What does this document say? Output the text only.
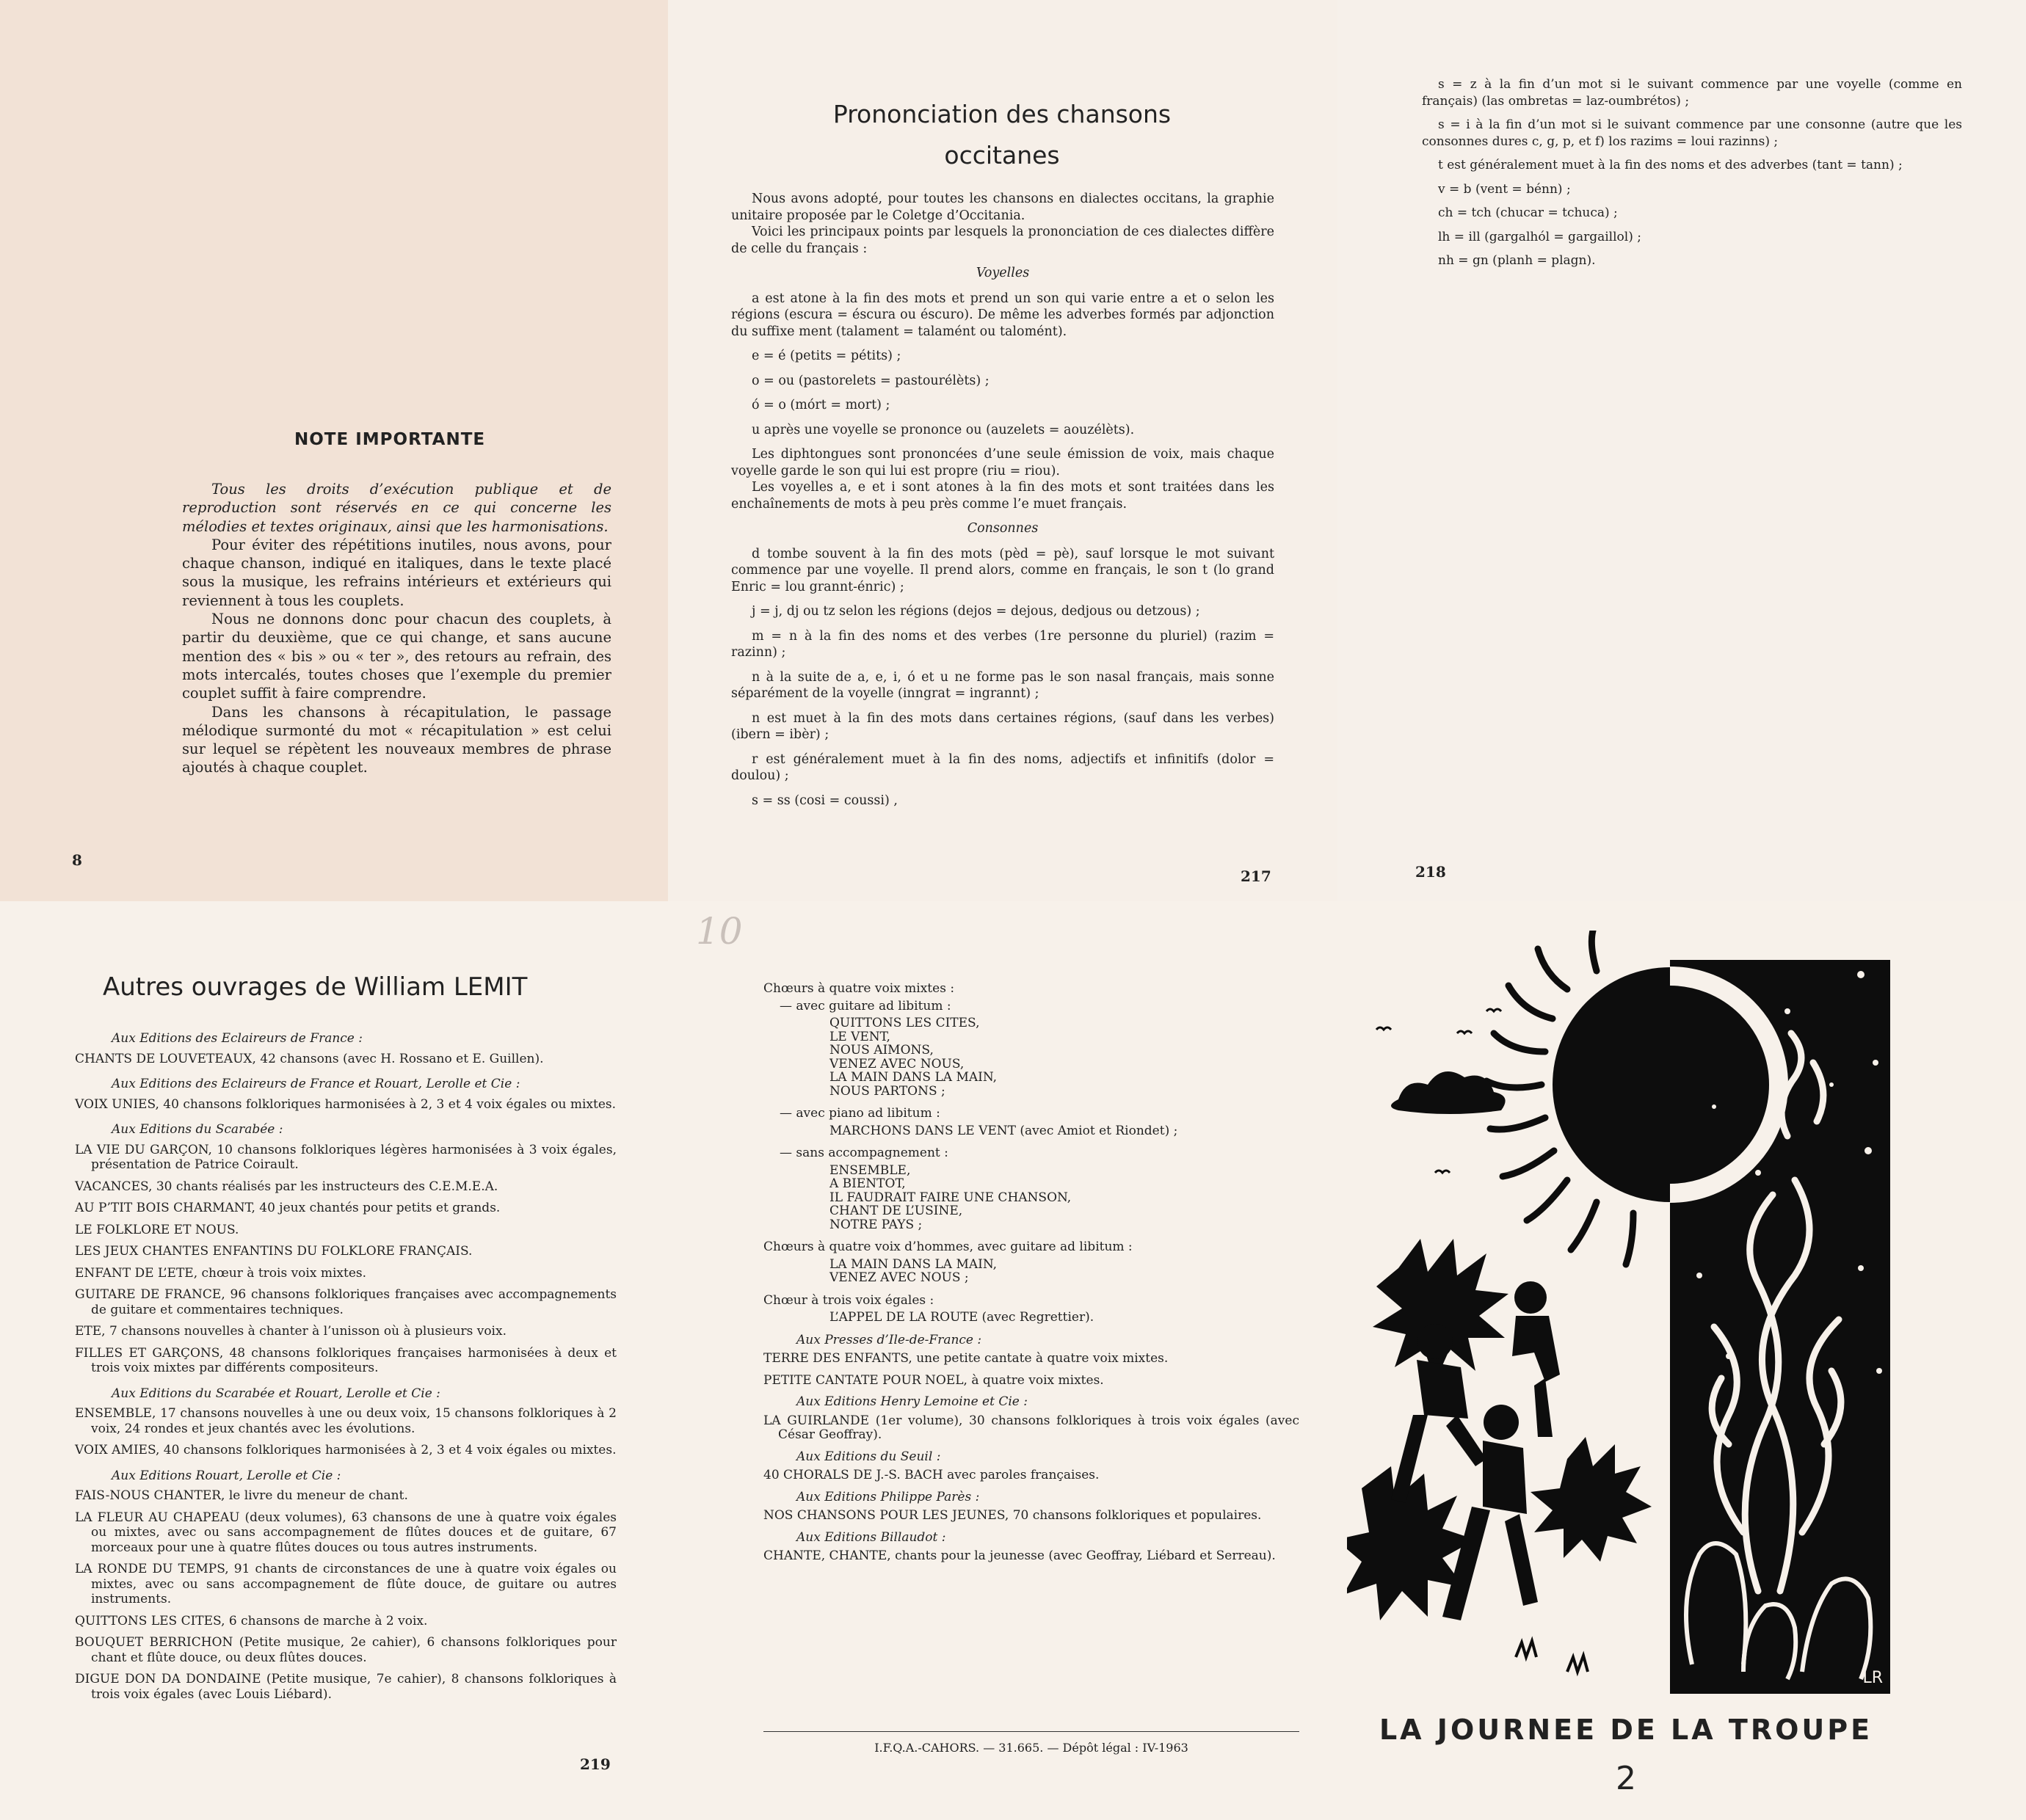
NOTE IMPORTANTE

Tous les droits d’exécution publique et de reproduction sont réservés en ce qui concerne les mélodies et textes originaux, ainsi que les harmonisations.

Pour éviter des répétitions inutiles, nous avons, pour chaque chanson, indiqué en italiques, dans le texte placé sous la musique, les refrains intérieurs et extérieurs qui reviennent à tous les couplets.

Nous ne donnons donc pour chacun des couplets, à partir du deuxième, que ce qui change, et sans aucune mention des « bis » ou « ter », des retours au refrain, des mots intercalés, toutes choses que l’exemple du premier couplet suffit à faire comprendre.

Dans les chansons à récapitulation, le passage mélodique surmonté du mot « récapitulation » est celui sur lequel se répètent les nouveaux membres de phrase ajoutés à chaque couplet.

8
Prononciation des chansons
occitanes

Nous avons adopté, pour toutes les chansons en dialectes occitans, la graphie unitaire proposée par le Coletge d’Occitania.

Voici les principaux points par lesquels la prononciation de ces dialectes diffère de celle du français :

Voyelles

a est atone à la fin des mots et prend un son qui varie entre a et o selon les régions (escura = éscura ou éscuro). De même les adverbes formés par adjonction du suffixe ment (talament = talamént ou talomént).

e = é (petits = pétits) ;

o = ou (pastorelets = pastourélèts) ;

ó = o (mórt = mort) ;

u après une voyelle se prononce ou (auzelets = aouzélèts).

Les diphtongues sont prononcées d’une seule émission de voix, mais chaque voyelle garde le son qui lui est propre (riu = riou).

Les voyelles a, e et i sont atones à la fin des mots et sont traitées dans les enchaînements de mots à peu près comme l’e muet français.

Consonnes

d tombe souvent à la fin des mots (pèd = pè), sauf lorsque le mot suivant commence par une voyelle. Il prend alors, comme en français, le son t (lo grand Enric = lou grannt-énric) ;

j = j, dj ou tz selon les régions (dejos = dejous, dedjous ou detzous) ;

m = n à la fin des noms et des verbes (1re personne du pluriel) (razim = razinn) ;

n à la suite de a, e, i, ó et u ne forme pas le son nasal français, mais sonne séparément de la voyelle (inngrat = ingrannt) ;

n est muet à la fin des mots dans certaines régions, (sauf dans les verbes) (ibern = ibèr) ;

r est généralement muet à la fin des noms, adjectifs et infinitifs (dolor = doulou) ;

s = ss (cosi = coussi) ,

217

s = z à la fin d’un mot si le suivant commence par une voyelle (comme en français) (las ombretas = laz-oumbrétos) ;

s = i à la fin d’un mot si le suivant commence par une consonne (autre que les consonnes dures c, g, p, et f) los razims = loui razinns) ;

t est généralement muet à la fin des noms et des adverbes (tant = tann) ;

v = b (vent = bénn) ;

ch = tch (chucar = tchuca) ;

lh = ill (gargalhól = gargaillol) ;

nh = gn (planh = plagn).

218
Autres ouvrages de William LEMIT
Aux Editions des Eclaireurs de France :
CHANTS DE LOUVETEAUX, 42 chansons (avec H. Rossano et E. Guillen).
Aux Editions des Eclaireurs de France et Rouart, Lerolle et Cie :
VOIX UNIES, 40 chansons folkloriques harmonisées à 2, 3 et 4 voix égales ou mixtes.
Aux Editions du Scarabée :
LA VIE DU GARÇON, 10 chansons folkloriques légères harmonisées à 3 voix égales, présentation de Patrice Coirault.
VACANCES, 30 chants réalisés par les instructeurs des C.E.M.E.A.
AU P’TIT BOIS CHARMANT, 40 jeux chantés pour petits et grands.
LE FOLKLORE ET NOUS.
LES JEUX CHANTES ENFANTINS DU FOLKLORE FRANÇAIS.
ENFANT DE L’ETE, chœur à trois voix mixtes.
GUITARE DE FRANCE, 96 chansons folkloriques françaises avec accompagnements de guitare et commentaires techniques.
ETE, 7 chansons nouvelles à chanter à l’unisson où à plusieurs voix.
FILLES ET GARÇONS, 48 chansons folkloriques françaises harmonisées à deux et trois voix mixtes par différents compositeurs.
Aux Editions du Scarabée et Rouart, Lerolle et Cie :
ENSEMBLE, 17 chansons nouvelles à une ou deux voix, 15 chansons folkloriques à 2 voix, 24 rondes et jeux chantés avec les évolutions.
VOIX AMIES, 40 chansons folkloriques harmonisées à 2, 3 et 4 voix égales ou mixtes.
Aux Editions Rouart, Lerolle et Cie :
FAIS-NOUS CHANTER, le livre du meneur de chant.
LA FLEUR AU CHAPEAU (deux volumes), 63 chansons de une à quatre voix égales ou mixtes, avec ou sans accompagnement de flûtes douces et de guitare, 67 morceaux pour une à quatre flûtes douces ou tous autres instruments.
LA RONDE DU TEMPS, 91 chants de circonstances de une à quatre voix égales ou mixtes, avec ou sans accompagnement de flûte douce, de guitare ou autres instruments.
QUITTONS LES CITES, 6 chansons de marche à 2 voix.
BOUQUET BERRICHON (Petite musique, 2e cahier), 6 chansons folkloriques pour chant et flûte douce, ou deux flûtes douces.
DIGUE DON DA DONDAINE (Petite musique, 7e cahier), 8 chansons folkloriques à trois voix égales (avec Louis Liébard).
219
10
Chœurs à quatre voix mixtes :
— avec guitare ad libitum :
QUITTONS LES CITES,
LE VENT,
NOUS AIMONS,
VENEZ AVEC NOUS,
LA MAIN DANS LA MAIN,
NOUS PARTONS ;
— avec piano ad libitum :
MARCHONS DANS LE VENT (avec Amiot et Riondet) ;
— sans accompagnement :
ENSEMBLE,
A BIENTOT,
IL FAUDRAIT FAIRE UNE CHANSON,
CHANT DE L’USINE,
NOTRE PAYS ;
Chœurs à quatre voix d’hommes, avec guitare ad libitum :
LA MAIN DANS LA MAIN,
VENEZ AVEC NOUS ;
Chœur à trois voix égales :
L’APPEL DE LA ROUTE (avec Regrettier).
Aux Presses d’Ile-de-France :
TERRE DES ENFANTS, une petite cantate à quatre voix mixtes.
PETITE CANTATE POUR NOEL, à quatre voix mixtes.
Aux Editions Henry Lemoine et Cie :
LA GUIRLANDE (1er volume), 30 chansons folkloriques à trois voix égales (avec César Geoffray).
Aux Editions du Seuil :
40 CHORALS DE J.-S. BACH avec paroles françaises.
Aux Editions Philippe Parès :
NOS CHANSONS POUR LES JEUNES, 70 chansons folkloriques et populaires.
Aux Editions Billaudot :
CHANTE, CHANTE, chants pour la jeunesse (avec Geoffray, Liébard et Serreau).
I.F.Q.A.-CAHORS. — 31.665. — Dépôt légal : IV-1963
LR
LA JOURNEE DE LA TROUPE
2
